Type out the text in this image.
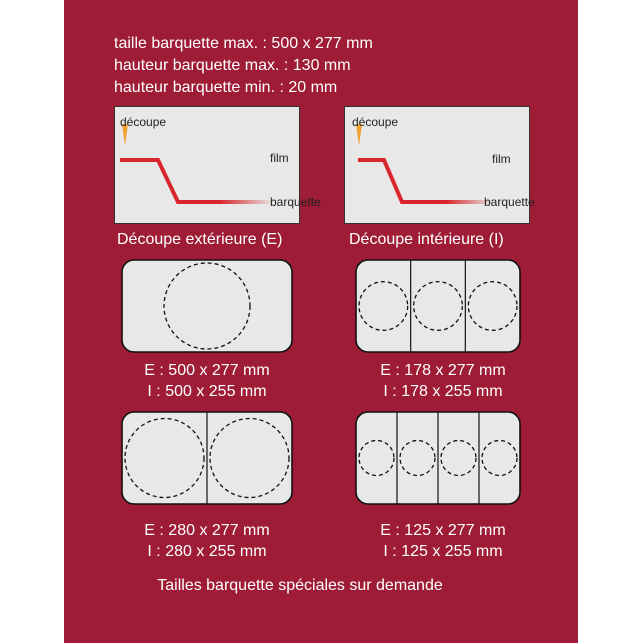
taille barquette max. : 500 x 277 mm
hauteur barquette max. : 130 mm
hauteur barquette min. : 20 mm
découpe
film
barquette
Découpe extérieure (E)
découpe
film
barquette
Découpe intérieure (I)
E : 500 x 277 mm
I : 500 x 255 mm
E : 178 x 277 mm
I : 178 x 255 mm
E : 280 x 277 mm
I : 280 x 255 mm
E : 125 x 277 mm
I : 125 x 255 mm
Tailles barquette spéciales sur demande
